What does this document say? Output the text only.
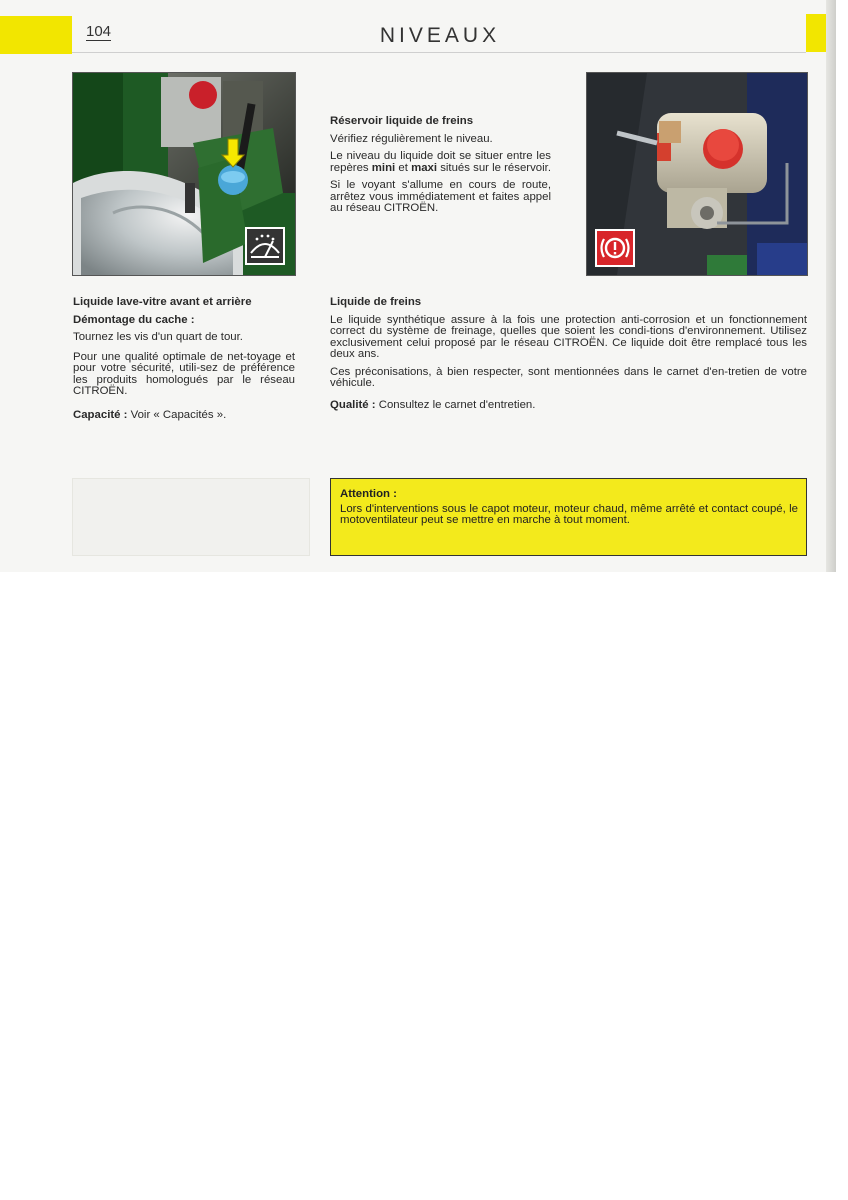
104	NIVEAUX

Réservoir liquide de freins

Vérifiez régulièrement le niveau.

Le niveau du liquide doit se situer entre les repères mini et maxi situés sur le réservoir.

Si le voyant s'allume en cours de route, arrêtez vous immédiatement et faites appel au réseau CITROËN.

Liquide lave-vitre avant et arrière

Démontage du cache :

Tournez les vis d'un quart de tour.

Pour une qualité optimale de net-toyage et pour votre sécurité, utili-sez de préférence les produits homologués par le réseau CITROËN.

Capacité : Voir « Capacités ».

Liquide de freins

Le liquide synthétique assure à la fois une protection anti-corrosion et un fonctionnement correct du système de freinage, quelles que soient les condi-tions d'environnement. Utilisez exclusivement celui proposé par le réseau CITROËN. Ce liquide doit être remplacé tous les deux ans.

Ces préconisations, à bien respecter, sont mentionnées dans le carnet d'en-tretien de votre véhicule.

Qualité : Consultez le carnet d'entretien.

Attention :
Lors d'interventions sous le capot moteur, moteur chaud, même arrêté et contact coupé, le motoventilateur peut se mettre en marche à tout moment.
